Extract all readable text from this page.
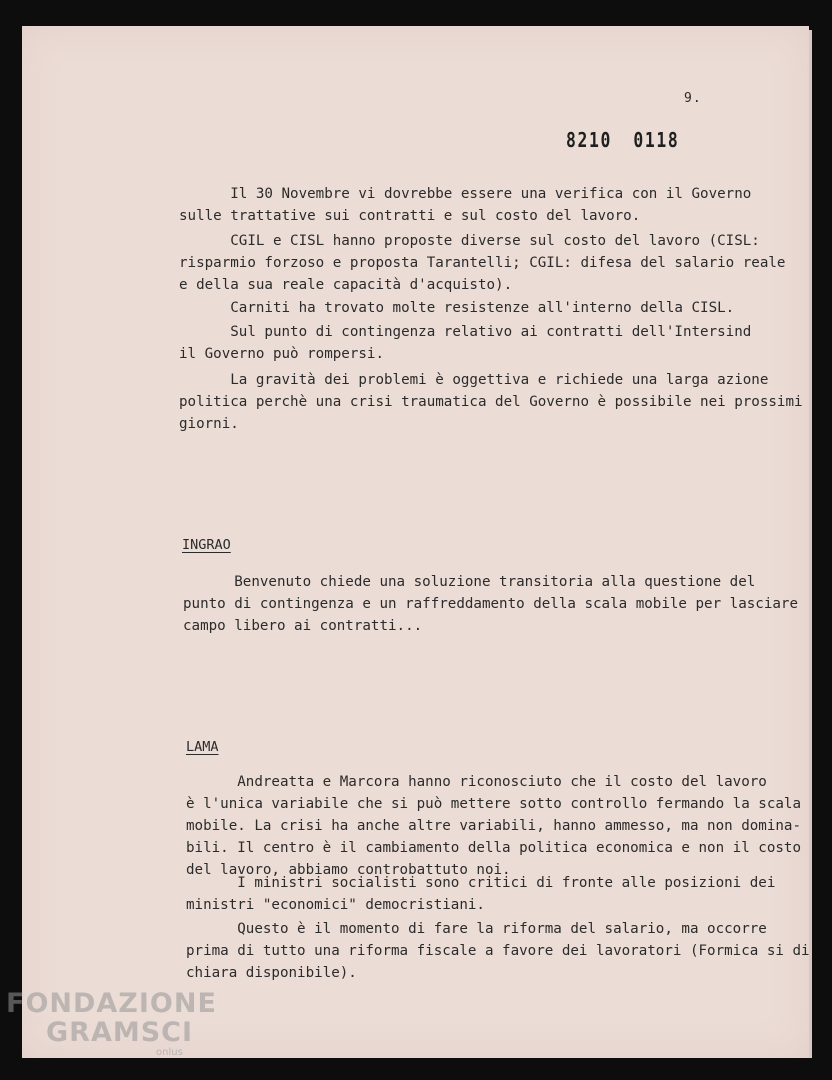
9.
8210 0118

Il 30 Novembre vi dovrebbe essere una verifica con il Governo
sulle trattative sui contratti e sul costo del lavoro.

CGIL e CISL hanno proposte diverse sul costo del lavoro (CISL:
risparmio forzoso e proposta Tarantelli; CGIL: difesa del salario reale
e della sua reale capacità d'acquisto).

Carniti ha trovato molte resistenze all'interno della CISL.

Sul punto di contingenza relativo ai contratti dell'Intersind
il Governo può rompersi.

La gravità dei problemi è oggettiva e richiede una larga azione
politica perchè una crisi traumatica del Governo è possibile nei prossimi
giorni.

INGRAO

Benvenuto chiede una soluzione transitoria alla questione del
punto di contingenza e un raffreddamento della scala mobile per lasciare
campo libero ai contratti...

LAMA

Andreatta e Marcora hanno riconosciuto che il costo del lavoro
è l'unica variabile che si può mettere sotto controllo fermando la scala
mobile. La crisi ha anche altre variabili, hanno ammesso, ma non domina-
bili. Il centro è il cambiamento della politica economica e non il costo
del lavoro, abbiamo controbattuto noi.

I ministri socialisti sono critici di fronte alle posizioni dei
ministri "economici" democristiani.

Questo è il momento di fare la riforma del salario, ma occorre
prima di tutto una riforma fiscale a favore dei lavoratori (Formica si di
chiara disponibile).

FONDAZIONE
GRAMSCI
onlus
